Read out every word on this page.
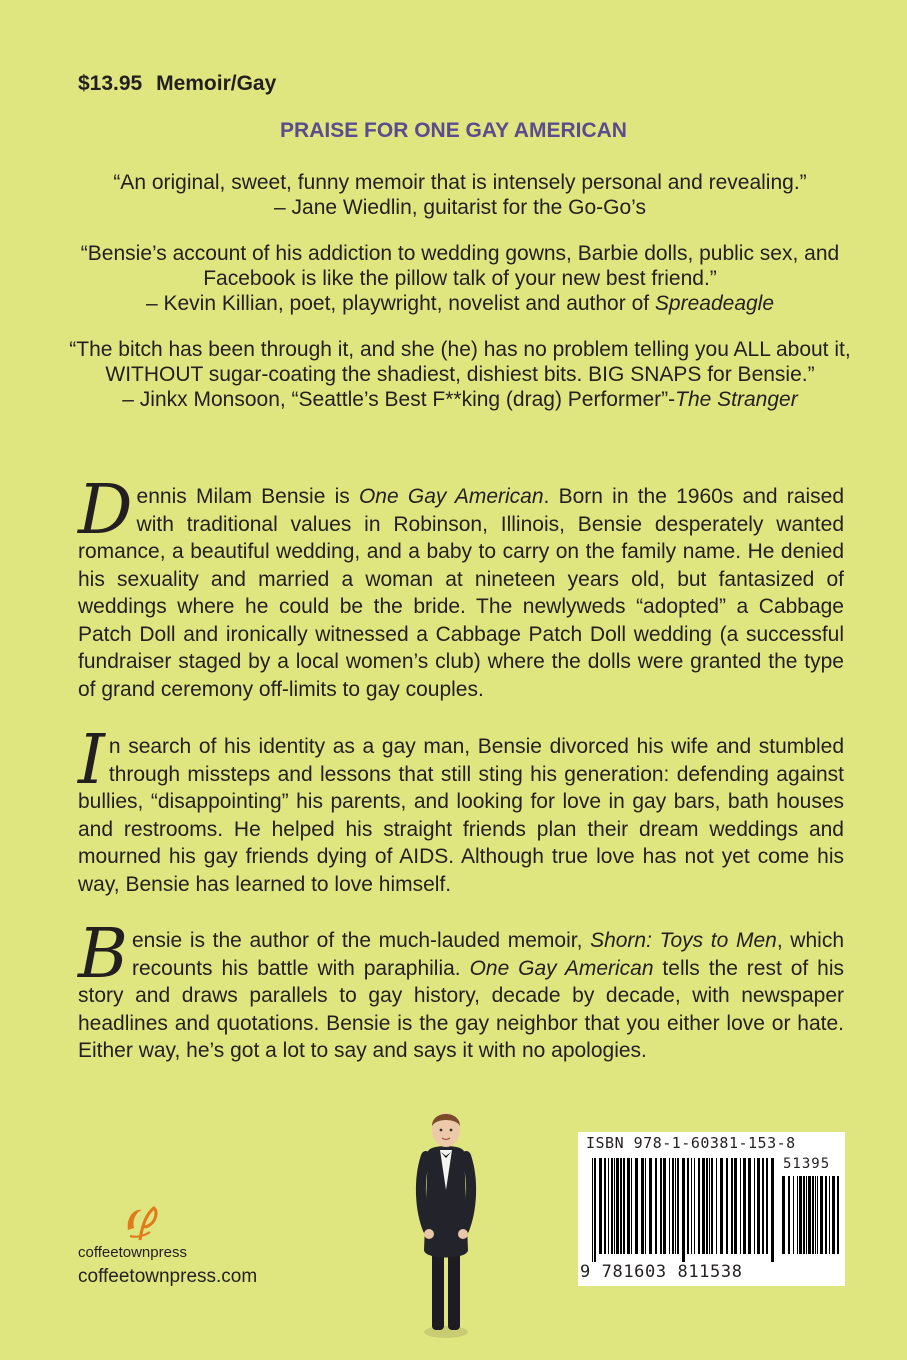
$13.95 Memoir/Gay
PRAISE FOR ONE GAY AMERICAN

“An original, sweet, funny memoir that is intensely personal and revealing.”

– Jane Wiedlin, guitarist for the Go-Go’s

“Bensie’s account of his addiction to wedding gowns, Barbie dolls, public sex, and Facebook is like the pillow talk of your new best friend.”

– Kevin Killian, poet, playwright, novelist and author of Spreadeagle

“The bitch has been through it, and she (he) has no problem telling you ALL about it, WITHOUT sugar-coating the shadiest, dishiest bits. BIG SNAPS for Bensie.”

– Jinkx Monsoon, “Seattle’s Best F**king (drag) Performer”-The Stranger

Dennis Milam Bensie is One Gay American. Born in the 1960s and raised with traditional values in Robinson, Illinois, Bensie desperately wanted romance, a beautiful wedding, and a baby to carry on the family name. He denied his sexuality and married a woman at nineteen years old, but fantasized of weddings where he could be the bride. The newlyweds “adopted” a Cabbage Patch Doll and ironically witnessed a Cabbage Patch Doll wedding (a successful fundraiser staged by a local women’s club) where the dolls were granted the type of grand ceremony off-limits to gay couples.

In search of his identity as a gay man, Bensie divorced his wife and stumbled through missteps and lessons that still sting his generation: defending against bullies, “disappointing” his parents, and looking for love in gay bars, bath houses and restrooms. He helped his straight friends plan their dream weddings and mourned his gay friends dying of AIDS. Although true love has not yet come his way, Bensie has learned to love himself.

Bensie is the author of the much-lauded memoir, Shorn: Toys to Men, which recounts his battle with paraphilia. One Gay American tells the rest of his story and draws parallels to gay history, decade by decade, with newspaper headlines and quotations. Bensie is the gay neighbor that you either love or hate. Either way, he’s got a lot to say and says it with no apologies.

coffeetownpress
coffeetownpress.com
ISBN 978-1-60381-153-8
51395
9 781603 811538
